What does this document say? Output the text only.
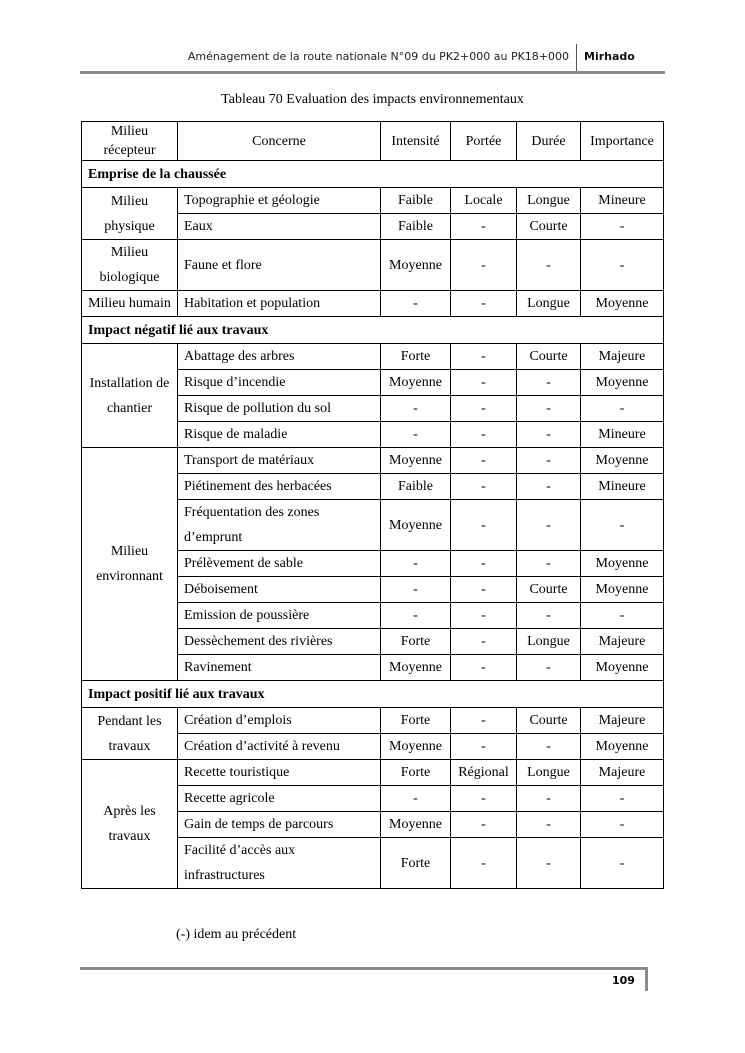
Aménagement de la route nationale N°09 du PK2+000 au PK18+000 Mirhado
Tableau 70 Evaluation des impacts environnementaux
Milieu récepteur	Concerne	Intensité	Portée	Durée	Importance
Emprise de la chaussée					
Milieu physique	Topographie et géologie	Faible	Locale	Longue	Mineure
	Eaux	Faible	-	Courte	-
Milieu biologique	Faune et flore	Moyenne	-	-	-
Milieu humain	Habitation et population	-	-	Longue	Moyenne
Impact négatif lié aux travaux					
Installation de chantier	Abattage des arbres	Forte	-	Courte	Majeure
	Risque d’incendie	Moyenne	-	-	Moyenne
	Risque de pollution du sol	-	-	-	-
	Risque de maladie	-	-	-	Mineure
Milieu environnant	Transport de matériaux	Moyenne	-	-	Moyenne
	Piétinement des herbacées	Faible	-	-	Mineure
	Fréquentation des zones d’emprunt	Moyenne	-	-	-
	Prélèvement de sable	-	-	-	Moyenne
	Déboisement	-	-	Courte	Moyenne
	Emission de poussière	-	-	-	-
	Dessèchement des rivières	Forte	-	Longue	Majeure
	Ravinement	Moyenne	-	-	Moyenne
Impact positif lié aux travaux					
Pendant les travaux	Création d’emplois	Forte	-	Courte	Majeure
	Création d’activité à revenu	Moyenne	-	-	Moyenne
Après les travaux	Recette touristique	Forte	Régional	Longue	Majeure
	Recette agricole	-	-	-	-
	Gain de temps de parcours	Moyenne	-	-	-
	Facilité d’accès aux infrastructures	Forte	-	-	-
(-) idem au précédent
109
